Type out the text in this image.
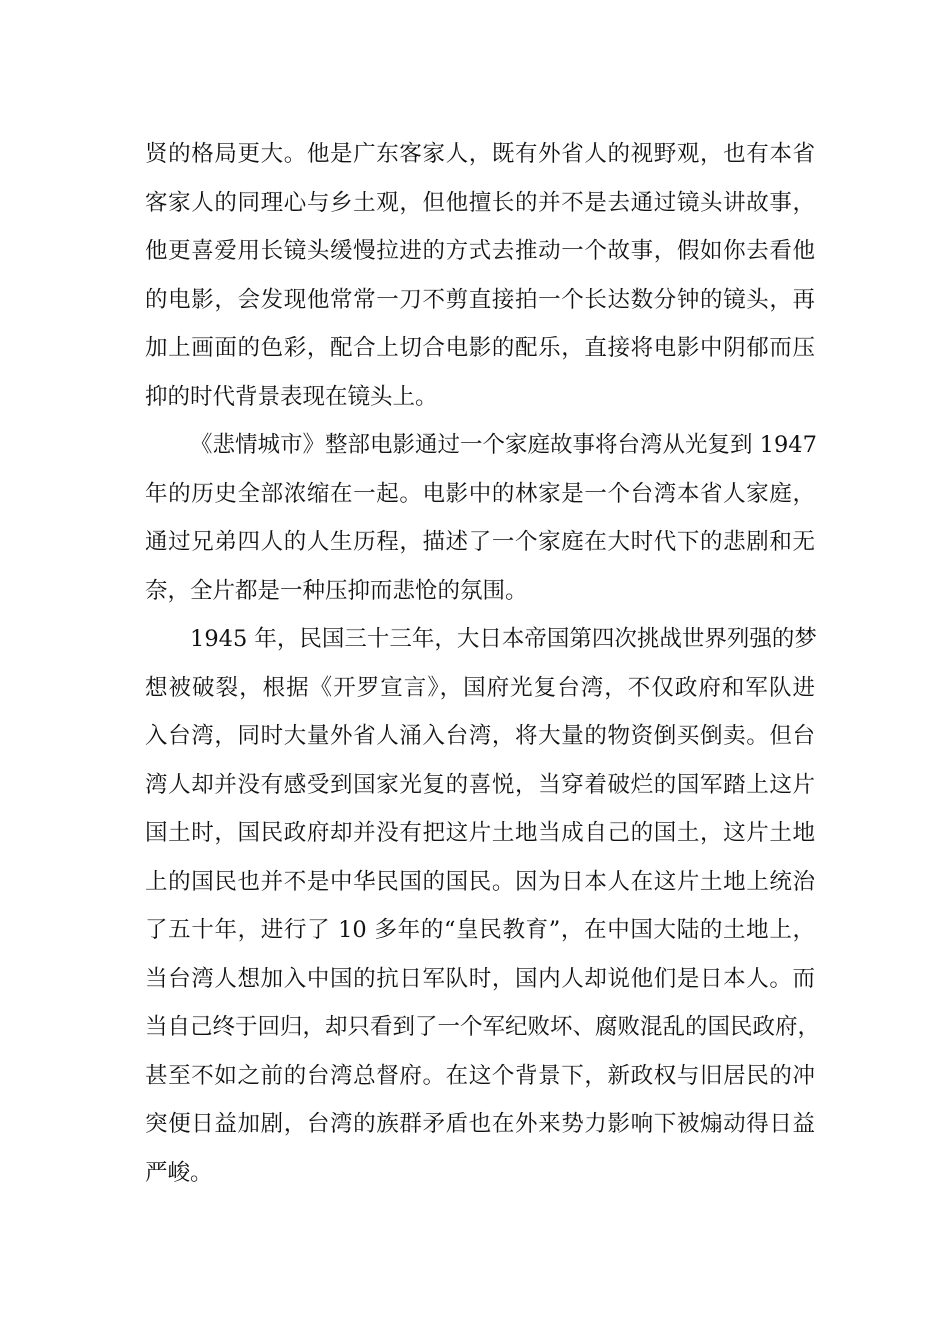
贤的格局更大。他是广东客家人，既有外省人的视野观，也有本省
客家人的同理心与乡土观，但他擅长的并不是去通过镜头讲故事，
他更喜爱用长镜头缓慢拉进的方式去推动一个故事，假如你去看他
的电影，会发现他常常一刀不剪直接拍一个长达数分钟的镜头，再
加上画面的色彩，配合上切合电影的配乐，直接将电影中阴郁而压
抑的时代背景表现在镜头上。
《悲情城市》整部电影通过一个家庭故事将台湾从光复到 1947
年的历史全部浓缩在一起。电影中的林家是一个台湾本省人家庭，
通过兄弟四人的人生历程，描述了一个家庭在大时代下的悲剧和无
奈，全片都是一种压抑而悲怆的氛围。
1945 年，民国三十三年，大日本帝国第四次挑战世界列强的梦
想被破裂，根据《开罗宣言》，国府光复台湾，不仅政府和军队进
入台湾，同时大量外省人涌入台湾，将大量的物资倒买倒卖。但台
湾人却并没有感受到国家光复的喜悦，当穿着破烂的国军踏上这片
国土时，国民政府却并没有把这片土地当成自己的国土，这片土地
上的国民也并不是中华民国的国民。因为日本人在这片土地上统治
了五十年，进行了 10 多年的“皇民教育”，在中国大陆的土地上，
当台湾人想加入中国的抗日军队时，国内人却说他们是日本人。而
当自己终于回归，却只看到了一个军纪败坏、腐败混乱的国民政府，
甚至不如之前的台湾总督府。在这个背景下，新政权与旧居民的冲
突便日益加剧，台湾的族群矛盾也在外来势力影响下被煽动得日益
严峻。
